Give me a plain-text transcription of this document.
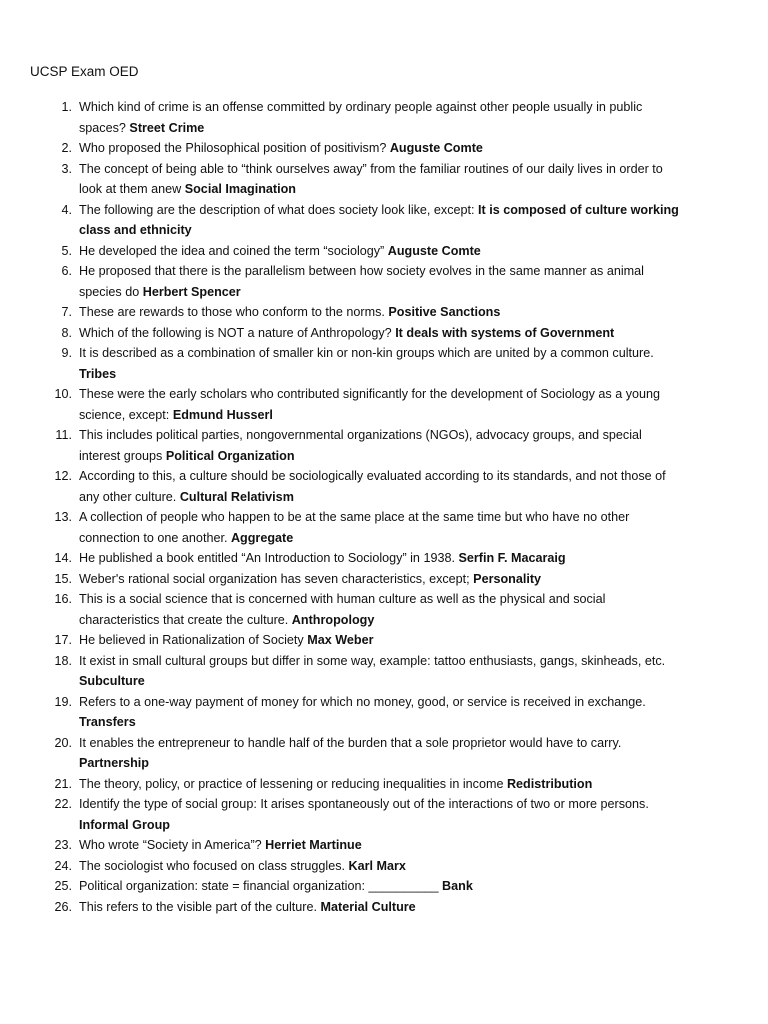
UCSP Exam OED
1. Which kind of crime is an offense committed by ordinary people against other people usually in public spaces? Street Crime
2. Who proposed the Philosophical position of positivism? Auguste Comte
3. The concept of being able to “think ourselves away” from the familiar routines of our daily lives in order to look at them anew Social Imagination
4. The following are the description of what does society look like, except: It is composed of culture working class and ethnicity
5. He developed the idea and coined the term “sociology” Auguste Comte
6. He proposed that there is the parallelism between how society evolves in the same manner as animal species do Herbert Spencer
7. These are rewards to those who conform to the norms. Positive Sanctions
8. Which of the following is NOT a nature of Anthropology? It deals with systems of Government
9. It is described as a combination of smaller kin or non-kin groups which are united by a common culture. Tribes
10. These were the early scholars who contributed significantly for the development of Sociology as a young science, except: Edmund Husserl
11. This includes political parties, nongovernmental organizations (NGOs), advocacy groups, and special interest groups Political Organization
12. According to this, a culture should be sociologically evaluated according to its standards, and not those of any other culture. Cultural Relativism
13. A collection of people who happen to be at the same place at the same time but who have no other connection to one another. Aggregate
14. He published a book entitled “An Introduction to Sociology” in 1938. Serfin F. Macaraig
15. Weber's rational social organization has seven characteristics, except; Personality
16. This is a social science that is concerned with human culture as well as the physical and social characteristics that create the culture. Anthropology
17. He believed in Rationalization of Society Max Weber
18. It exist in small cultural groups but differ in some way, example: tattoo enthusiasts, gangs, skinheads, etc. Subculture
19. Refers to a one-way payment of money for which no money, good, or service is received in exchange. Transfers
20. It enables the entrepreneur to handle half of the burden that a sole proprietor would have to carry. Partnership
21. The theory, policy, or practice of lessening or reducing inequalities in income Redistribution
22. Identify the type of social group: It arises spontaneously out of the interactions of two or more persons. Informal Group
23. Who wrote “Society in America”? Herriet Martinue
24. The sociologist who focused on class struggles. Karl Marx
25. Political organization: state = financial organization: __________ Bank
26. This refers to the visible part of the culture. Material Culture
